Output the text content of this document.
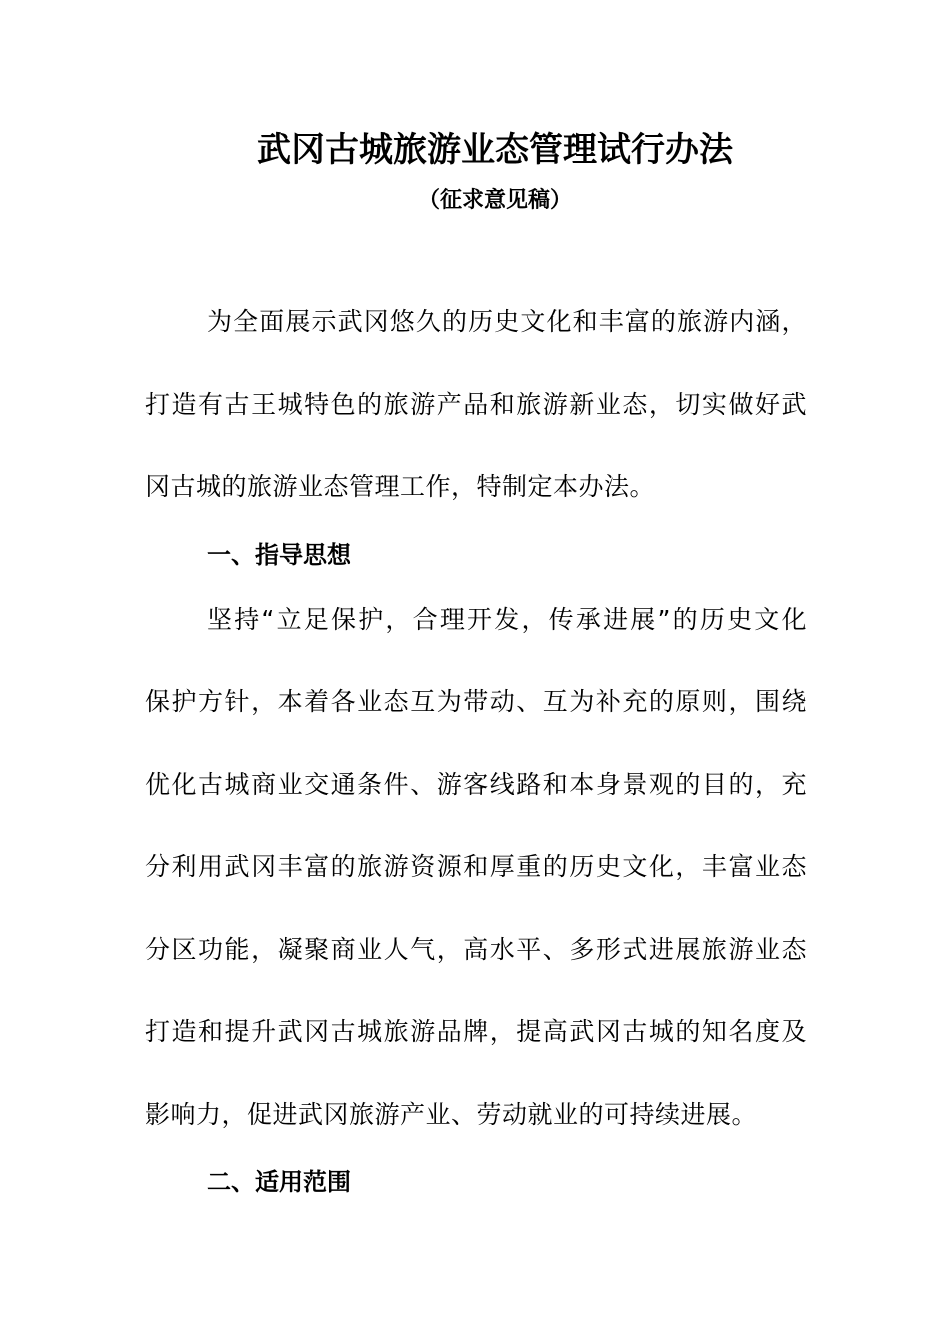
武冈古城旅游业态管理试行办法
（征求意见稿）
为全面展示武冈悠久的历史文化和丰富的旅游内涵，
打造有古王城特色的旅游产品和旅游新业态，切实做好武
冈古城的旅游业态管理工作，特制定本办法。
一、指导思想
坚持“立足保护，合理开发，传承进展”的历史文化
保护方针，本着各业态互为带动、互为补充的原则，围绕
优化古城商业交通条件、游客线路和本身景观的目的，充
分利用武冈丰富的旅游资源和厚重的历史文化，丰富业态
分区功能，凝聚商业人气，高水平、多形式进展旅游业态
打造和提升武冈古城旅游品牌，提高武冈古城的知名度及
影响力，促进武冈旅游产业、劳动就业的可持续进展。
二、适用范围
